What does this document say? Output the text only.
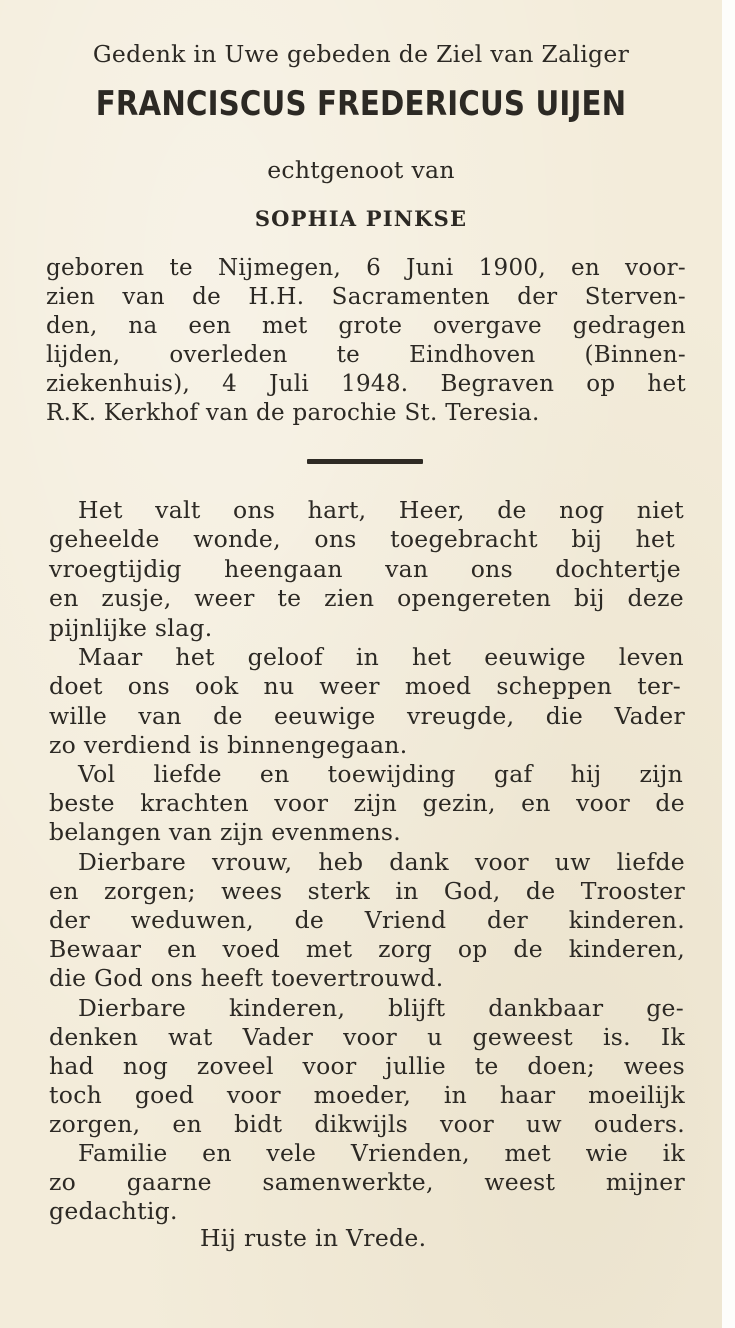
Gedenk in Uwe gebeden de Ziel van Zaliger
FRANCISCUS FREDERICUS UIJEN
echtgenoot van
SOPHIA PINKSE
geboren te Nijmegen, 6 Juni 1900, en voor-
zien van de H.H. Sacramenten der Sterven-
den, na een met grote overgave gedragen
lijden, overleden te Eindhoven (Binnen-
ziekenhuis), 4 Juli 1948. Begraven op het
R.K. Kerkhof van de parochie St. Teresia.
Het valt ons hart, Heer, de nog niet
geheelde wonde, ons toegebracht bij het
vroegtijdig heengaan van ons dochtertje
en zusje, weer te zien opengereten bij deze
pijnlijke slag.
Maar het geloof in het eeuwige leven
doet ons ook nu weer moed scheppen ter-
wille van de eeuwige vreugde, die Vader
zo verdiend is binnengegaan.
Vol liefde en toewijding gaf hij zijn
beste krachten voor zijn gezin, en voor de
belangen van zijn evenmens.
Dierbare vrouw, heb dank voor uw liefde
en zorgen; wees sterk in God, de Trooster
der weduwen, de Vriend der kinderen.
Bewaar en voed met zorg op de kinderen,
die God ons heeft toevertrouwd.
Dierbare kinderen, blijft dankbaar ge-
denken wat Vader voor u geweest is. Ik
had nog zoveel voor jullie te doen; wees
toch goed voor moeder, in haar moeilijk
zorgen, en bidt dikwijls voor uw ouders.
Familie en vele Vrienden, met wie ik
zo gaarne samenwerkte, weest mijner
gedachtig.
Hij ruste in Vrede.
